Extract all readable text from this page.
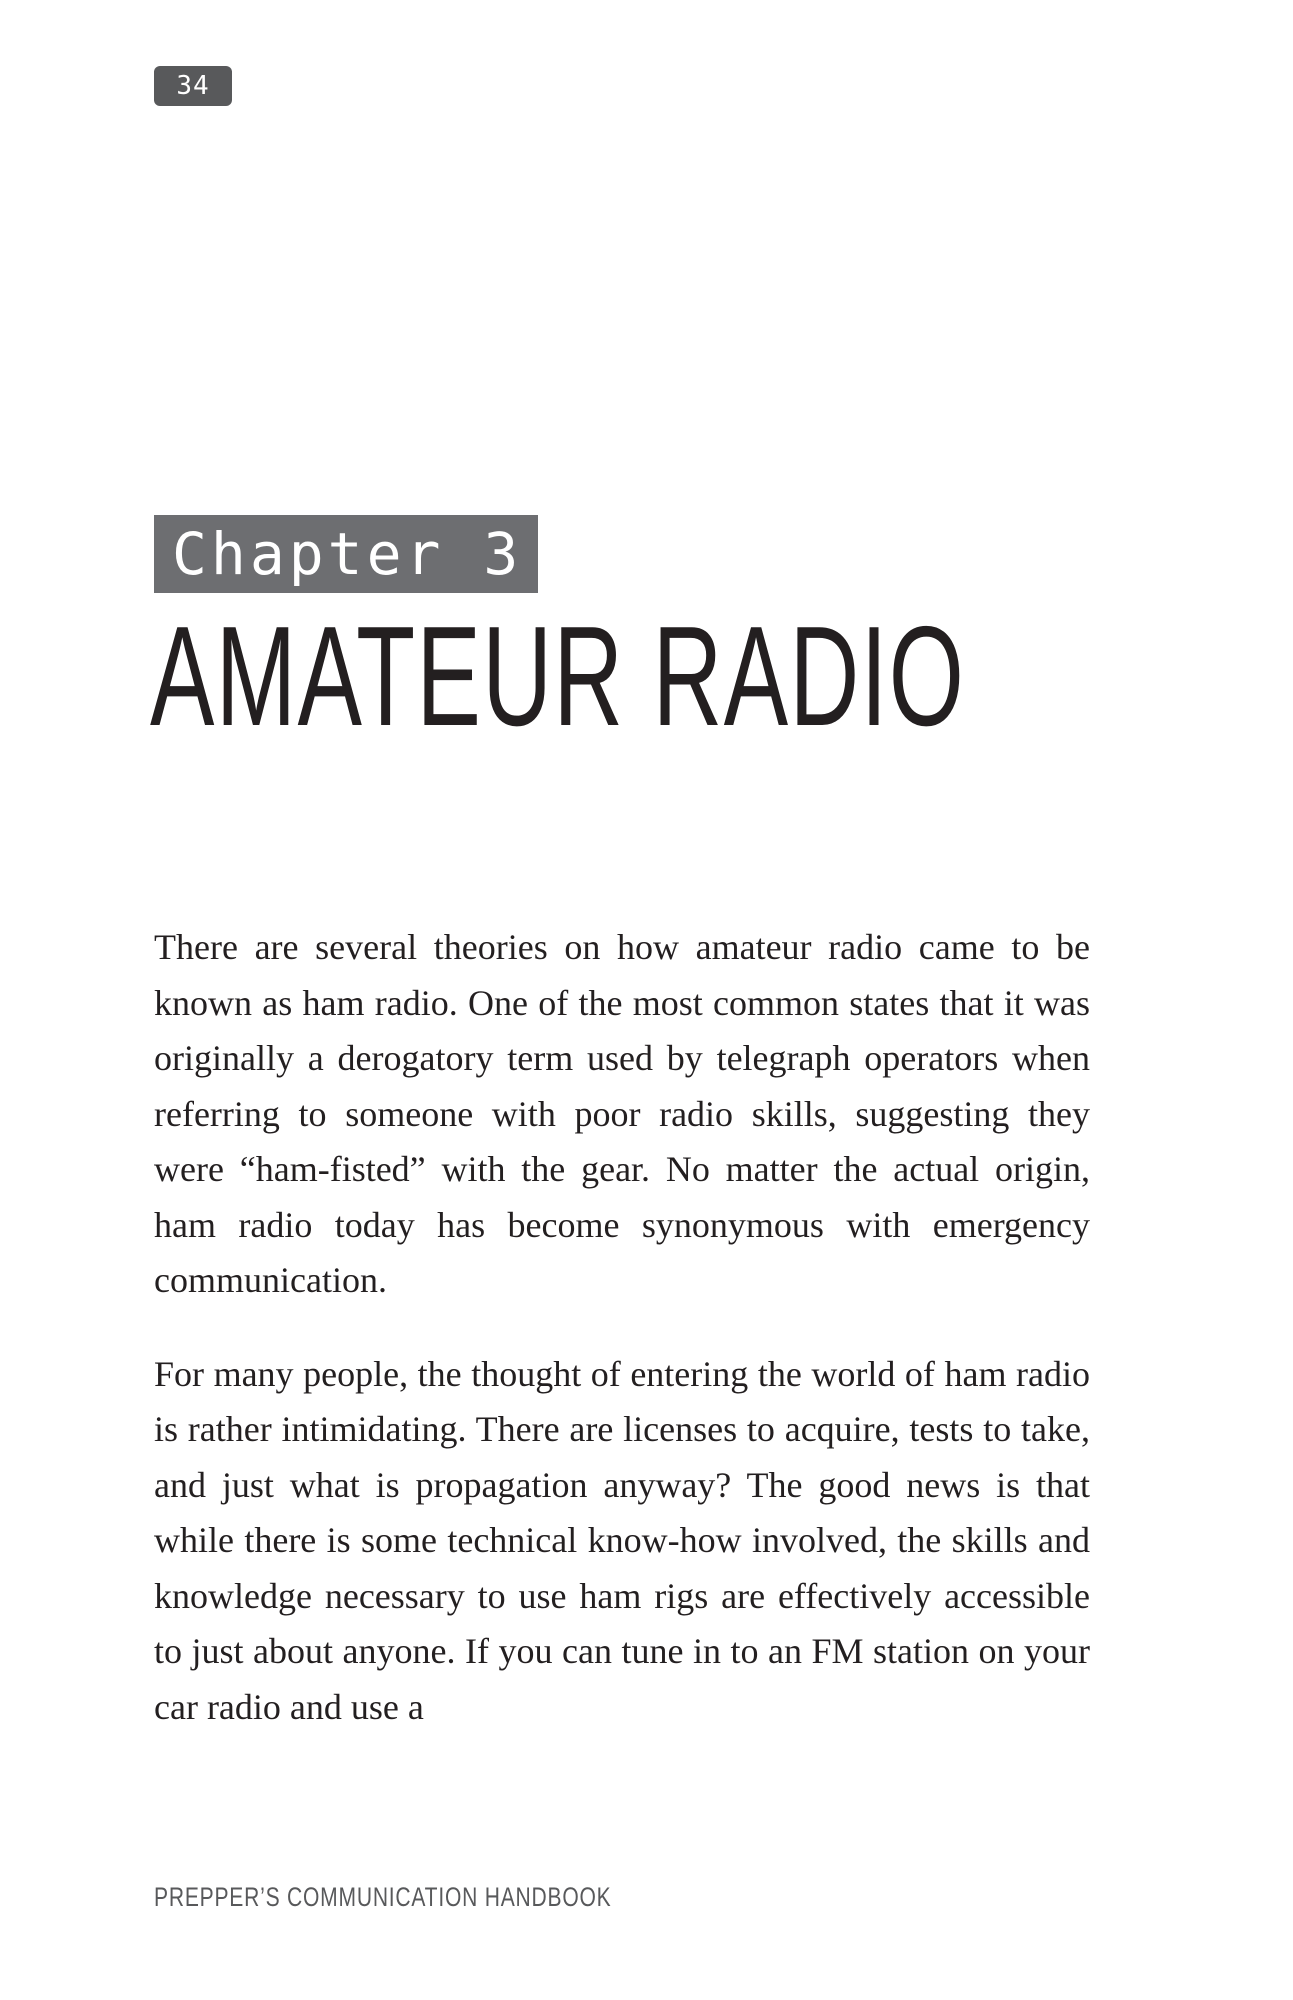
34
Chapter 3
AMATEUR RADIO

There are several theories on how amateur radio came to be known as ham radio. One of the most common states that it was originally a derogatory term used by telegraph operators when referring to someone with poor radio skills, suggesting they were “ham-fisted” with the gear. No matter the actual origin, ham radio today has become synonymous with emergency communication.

For many people, the thought of entering the world of ham radio is rather intimidating. There are licenses to acquire, tests to take, and just what is propagation anyway? The good news is that while there is some technical know-how involved, the skills and knowledge necessary to use ham rigs are effectively accessible to just about anyone. If you can tune in to an FM station on your car radio and use a

PREPPER’S COMMUNICATION HANDBOOK
